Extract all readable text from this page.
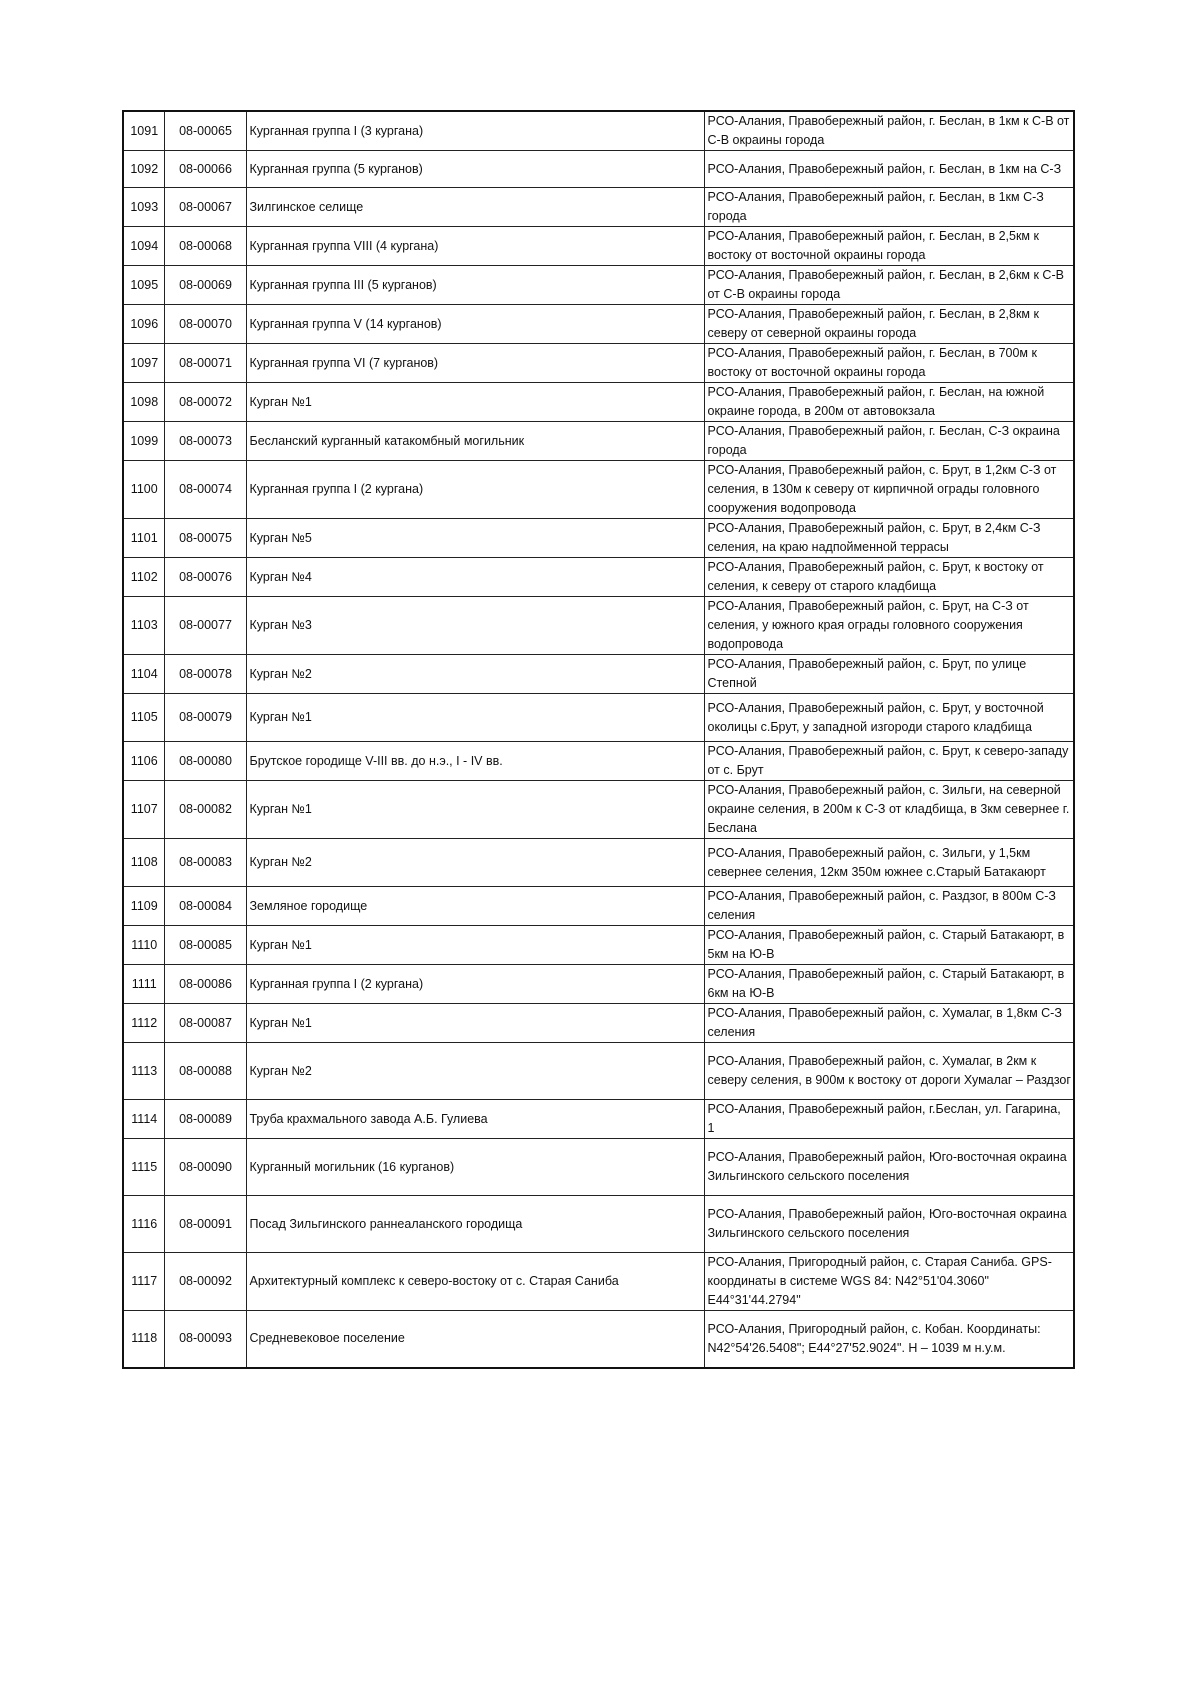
1091	08-00065	Курганная группа I (3 кургана)	РСО-Алания, Правобережный район, г. Беслан, в 1км к С-В от С-В окраины города
1092	08-00066	Курганная группа (5 курганов)	РСО-Алания, Правобережный район, г. Беслан, в 1км на С-З
1093	08-00067	Зилгинское селище	РСО-Алания, Правобережный район, г. Беслан, в 1км С-З города
1094	08-00068	Курганная группа VIII (4 кургана)	РСО-Алания, Правобережный район, г. Беслан, в 2,5км к востоку от восточной окраины города
1095	08-00069	Курганная группа III (5 курганов)	РСО-Алания, Правобережный район, г. Беслан, в 2,6км к С-В от С-В окраины города
1096	08-00070	Курганная группа V (14 курганов)	РСО-Алания, Правобережный район, г. Беслан, в 2,8км к северу от северной окраины города
1097	08-00071	Курганная группа VI (7 курганов)	РСО-Алания, Правобережный район, г. Беслан, в 700м к востоку от восточной окраины города
1098	08-00072	Курган №1	РСО-Алания, Правобережный район, г. Беслан, на южной окраине города, в 200м от автовокзала
1099	08-00073	Бесланский курганный катакомбный могильник	РСО-Алания, Правобережный район, г. Беслан, С-З окраина города
1100	08-00074	Курганная группа I (2 кургана)	РСО-Алания, Правобережный район, с. Брут, в 1,2км С-З от селения, в 130м к северу от кирпичной ограды головного сооружения водопровода
1101	08-00075	Курган №5	РСО-Алания, Правобережный район, с. Брут, в 2,4км С-З селения, на краю надпойменной террасы
1102	08-00076	Курган №4	РСО-Алания, Правобережный район, с. Брут, к востоку от селения, к северу от старого кладбища
1103	08-00077	Курган №3	РСО-Алания, Правобережный район, с. Брут, на С-З от селения, у южного края ограды головного сооружения водопровода
1104	08-00078	Курган №2	РСО-Алания, Правобережный район, с. Брут, по улице Степной
1105	08-00079	Курган №1	РСО-Алания, Правобережный район, с. Брут, у восточной околицы с.Брут, у западной изгороди старого кладбища
1106	08-00080	Брутское городище V-III вв. до н.э., I - IV вв.	РСО-Алания, Правобережный район, с. Брут, к северо-западу от с. Брут
1107	08-00082	Курган №1	РСО-Алания, Правобережный район, с. Зильги, на северной окраине селения, в 200м к С-З от кладбища, в 3км севернее г. Беслана
1108	08-00083	Курган №2	РСО-Алания, Правобережный район, с. Зильги, у 1,5км севернее селения, 12км 350м южнее с.Старый Батакаюрт
1109	08-00084	Земляное городище	РСО-Алания, Правобережный район, с. Раздзог, в 800м С-З селения
1110	08-00085	Курган №1	РСО-Алания, Правобережный район, с. Старый Батакаюрт, в 5км на Ю-В
1111	08-00086	Курганная группа I (2 кургана)	РСО-Алания, Правобережный район, с. Старый Батакаюрт, в 6км на Ю-В
1112	08-00087	Курган №1	РСО-Алания, Правобережный район, с. Хумалаг, в 1,8км С-З селения
1113	08-00088	Курган №2	РСО-Алания, Правобережный район, с. Хумалаг, в 2км к северу селения, в 900м к востоку от дороги Хумалаг – Раздзог
1114	08-00089	Труба крахмального завода А.Б. Гулиева	РСО-Алания, Правобережный район, г.Беслан, ул. Гагарина, 1
1115	08-00090	Курганный могильник (16 курганов)	РСО-Алания, Правобережный район, Юго-восточная окраина Зильгинского сельского поселения
1116	08-00091	Посад Зильгинского раннеаланского городища	РСО-Алания, Правобережный район, Юго-восточная окраина Зильгинского сельского поселения
1117	08-00092	Архитектурный комплекс к северо-востоку от с. Старая Саниба	РСО-Алания, Пригородный район, с. Старая Саниба. GPS-координаты в системе WGS 84: N42°51'04.3060" E44°31'44.2794"
1118	08-00093	Средневековое поселение	РСО-Алания, Пригородный район, с. Кобан. Координаты: N42°54'26.5408"; E44°27'52.9024". H – 1039 м н.у.м.
